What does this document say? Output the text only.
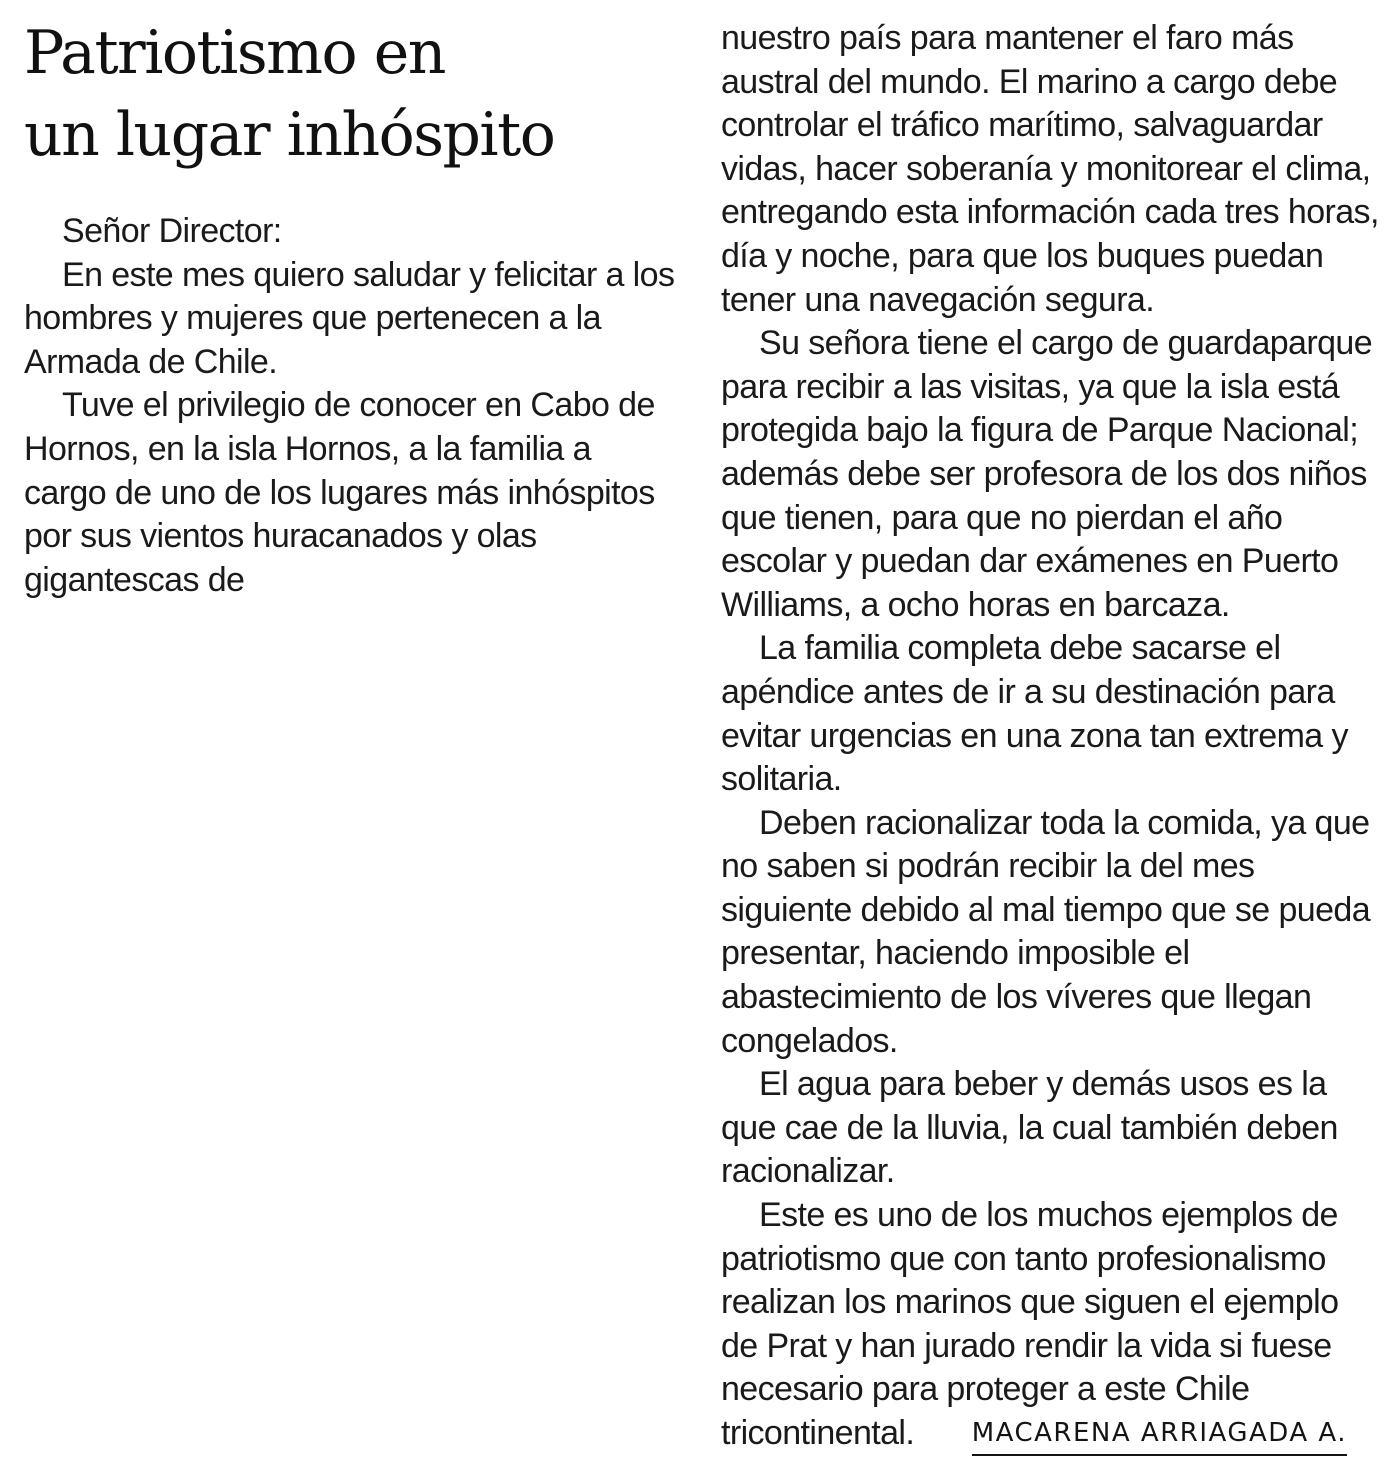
Patriotismo en
un lugar inhóspito

Señor Director:

En este mes quiero saludar y felicitar a los hombres y mujeres que pertenecen a la Armada de Chile.

Tuve el privilegio de conocer en Cabo de Hornos, en la isla Hornos, a la familia a cargo de uno de los lugares más inhóspitos por sus vientos huracanados y olas gigantescas de

nuestro país para mantener el faro más austral del mundo. El marino a cargo debe controlar el tráfico marítimo, salvaguardar vidas, hacer soberanía y monitorear el clima, entregando esta información cada tres horas, día y noche, para que los buques puedan tener una navegación segura.

Su señora tiene el cargo de guardaparque para recibir a las visitas, ya que la isla está protegida bajo la figura de Parque Nacional; además debe ser profesora de los dos niños que tienen, para que no pierdan el año escolar y puedan dar exámenes en Puerto Williams, a ocho horas en barcaza.

La familia completa debe sacarse el apéndice antes de ir a su destinación para evitar urgencias en una zona tan extrema y solitaria.

Deben racionalizar toda la comida, ya que no saben si podrán recibir la del mes siguiente debido al mal tiempo que se pueda presentar, haciendo imposible el abastecimiento de los víveres que llegan congelados.

El agua para beber y demás usos es la que cae de la lluvia, la cual también deben racionalizar.

Este es uno de los muchos ejemplos de patriotismo que con tanto profesionalismo realizan los marinos que siguen el ejemplo de Prat y han jurado rendir la vida si fuese necesario para proteger a este Chile tricontinental.	MACARENA ARRIAGADA A.
